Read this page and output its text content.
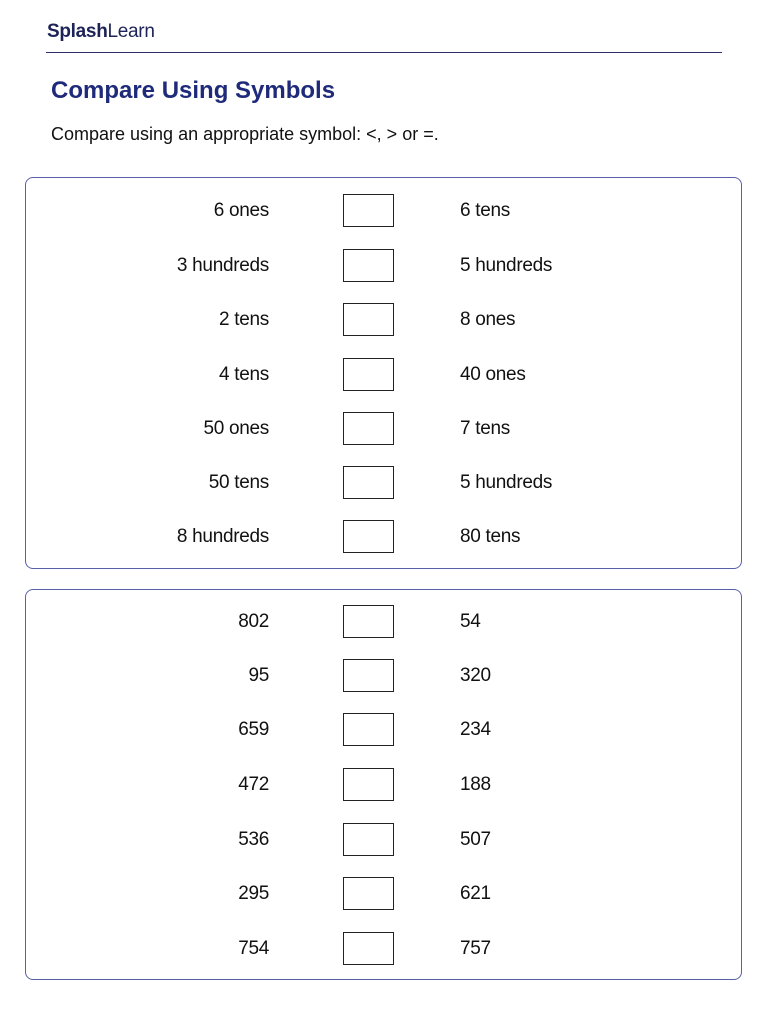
SplashLearn
Compare Using Symbols
Compare using an appropriate symbol: <, > or =.
6 ones	6 tens
3 hundreds	5 hundreds
2 tens	8 ones
4 tens	40 ones
50 ones	7 tens
50 tens	5 hundreds
8 hundreds	80 tens
802	54
95	320
659	234
472	188
536	507
295	621
754	757
